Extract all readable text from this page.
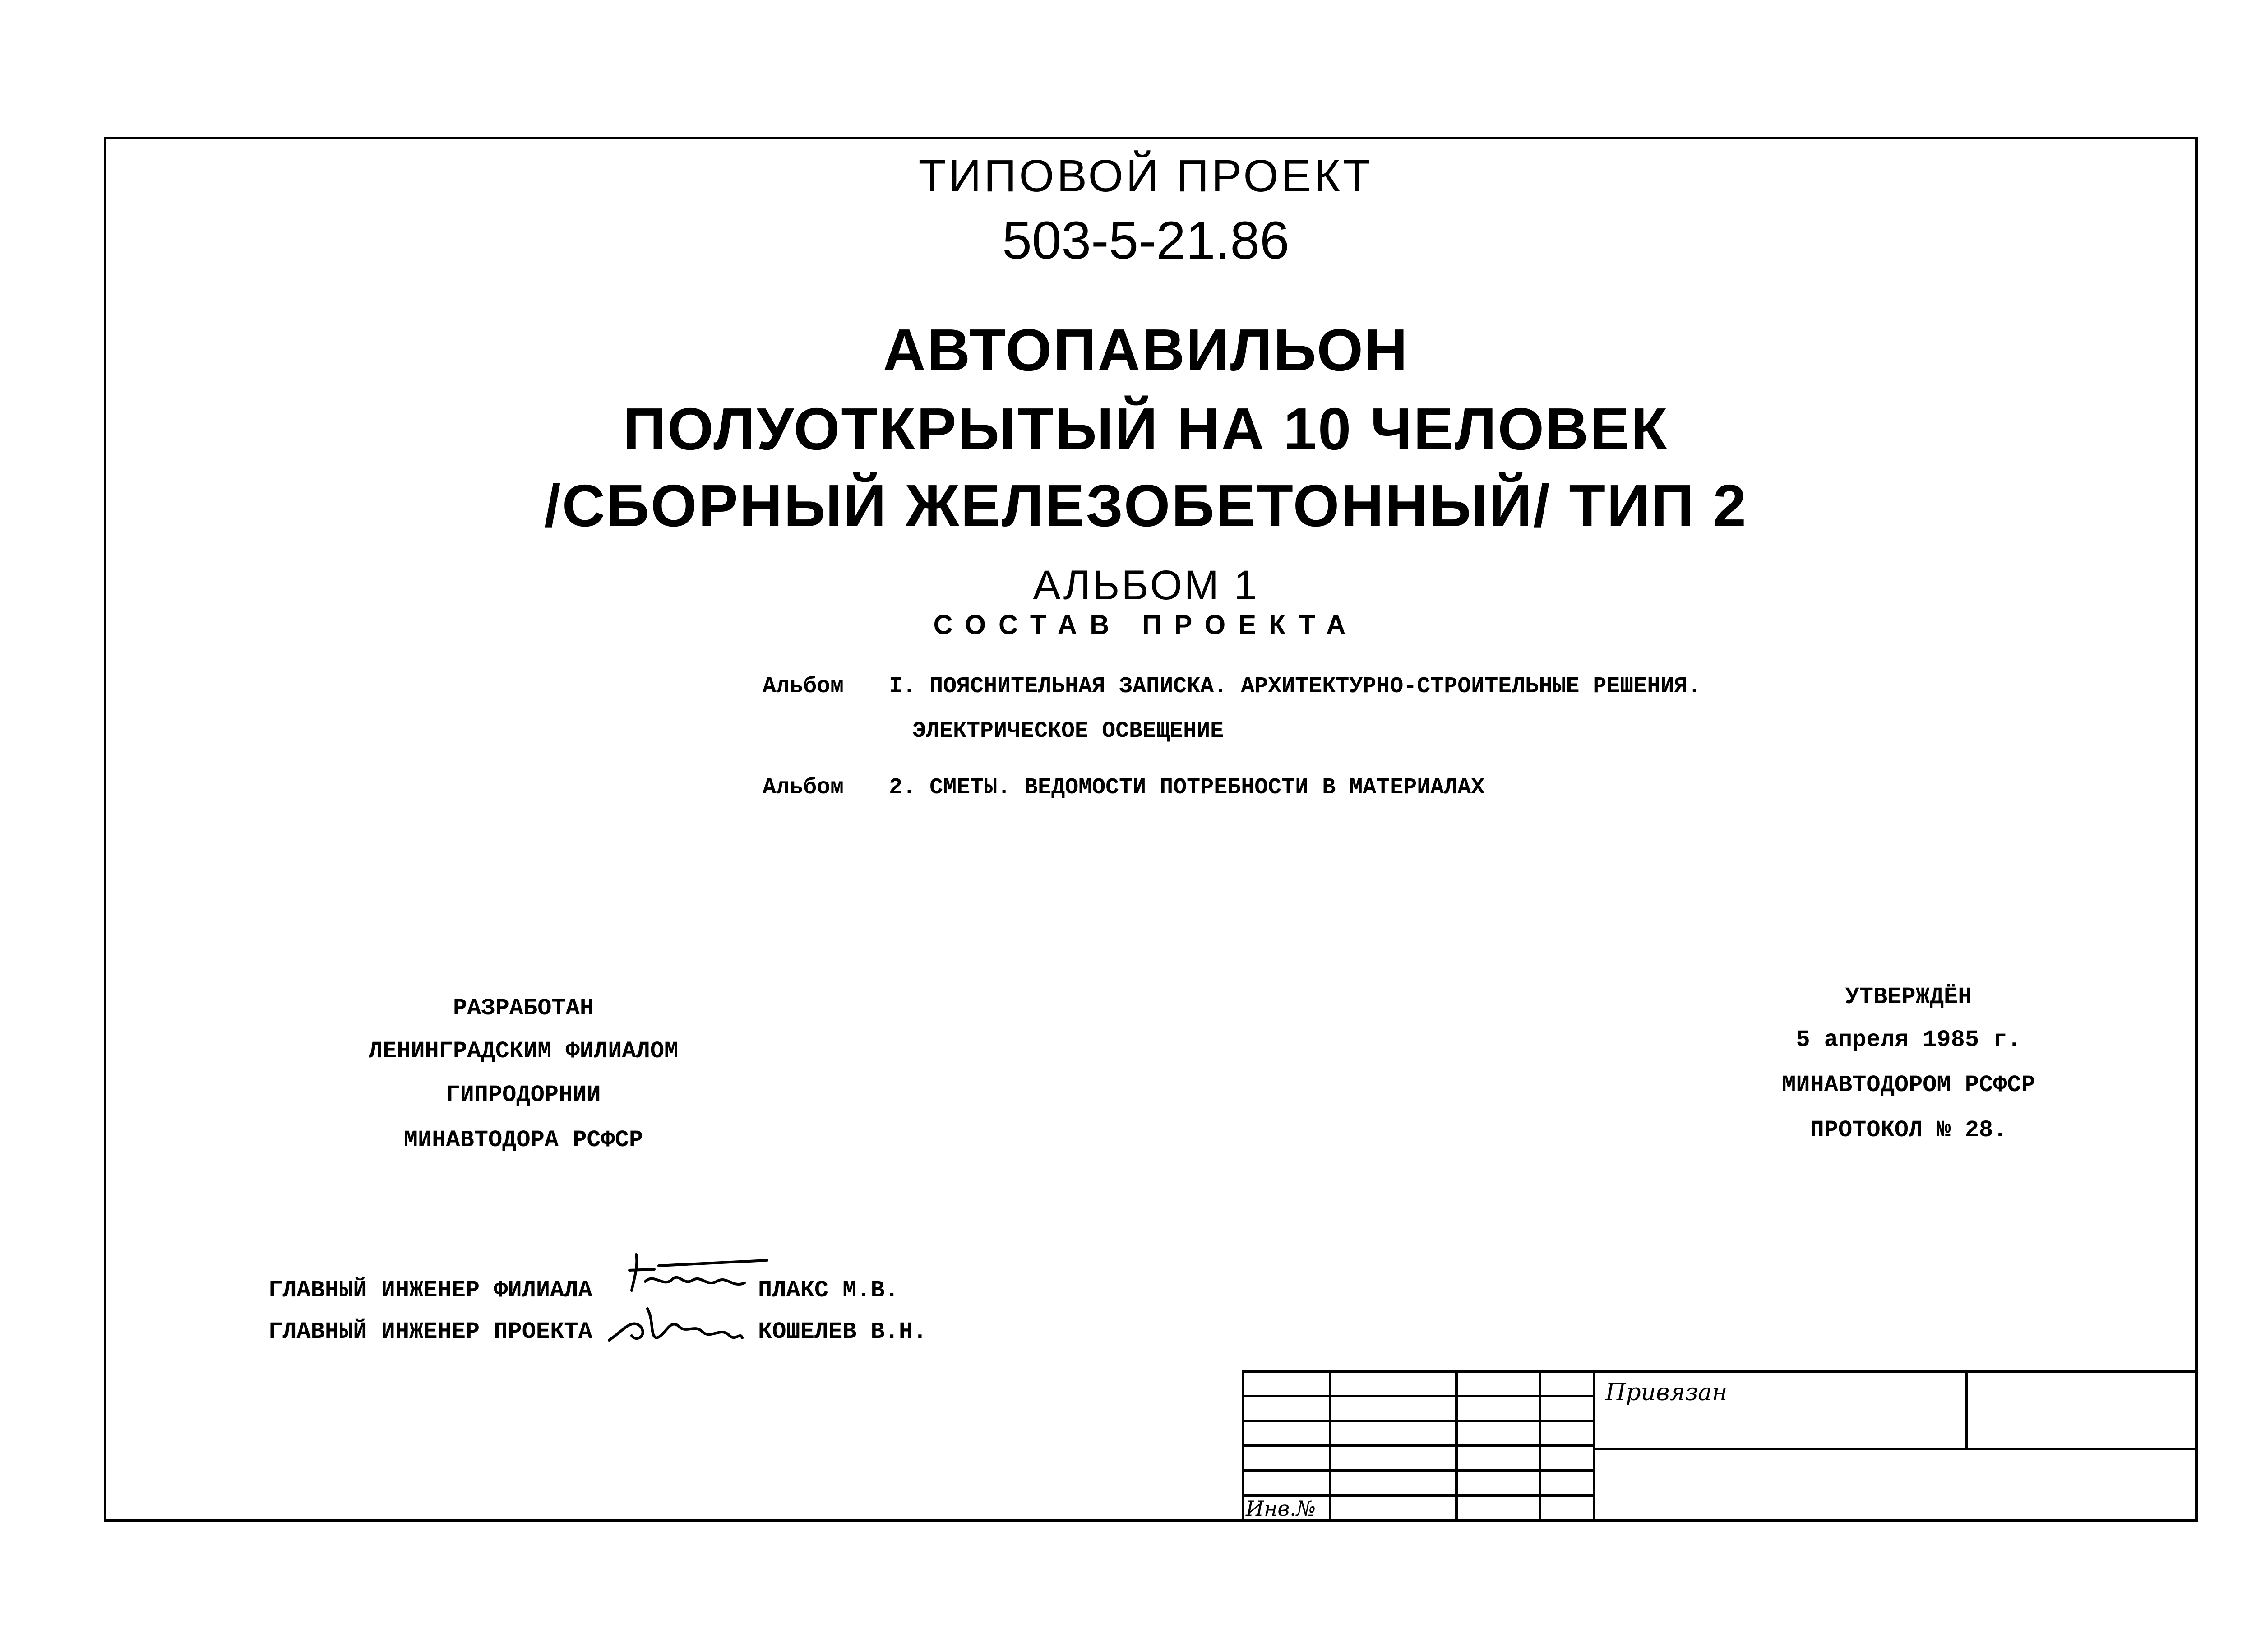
ТИПОВОЙ ПРОЕКТ
503-5-21.86
АВТОПАВИЛЬОН
ПОЛУОТКРЫТЫЙ НА 10 ЧЕЛОВЕК
/СБОРНЫЙ ЖЕЛЕЗОБЕТОННЫЙ/ ТИП 2
АЛЬБОМ 1
СОСТАВ ПРОЕКТА
Альбом I. ПОЯСНИТЕЛЬНАЯ ЗАПИСКА. АРХИТЕКТУРНО-СТРОИТЕЛЬНЫЕ РЕШЕНИЯ.
ЭЛЕКТРИЧЕСКОЕ ОСВЕЩЕНИЕ
Альбом 2. СМЕТЫ. ВЕДОМОСТИ ПОТРЕБНОСТИ В МАТЕРИАЛАХ
РАЗРАБОТАН
ЛЕНИНГРАДСКИМ ФИЛИАЛОМ
ГИПРОДОРНИИ
МИНАВТОДОРА РСФСР
УТВЕРЖДЁН
5 апреля 1985 г.
МИНАВТОДОРОМ РСФСР
ПРОТОКОЛ № 28.
ГЛАВНЫЙ ИНЖЕНЕР ФИЛИАЛА	ПЛАКС М.В.
ГЛАВНЫЙ ИНЖЕНЕР ПРОЕКТА	КОШЕЛЕВ В.Н.
Привязан
Инв.№
